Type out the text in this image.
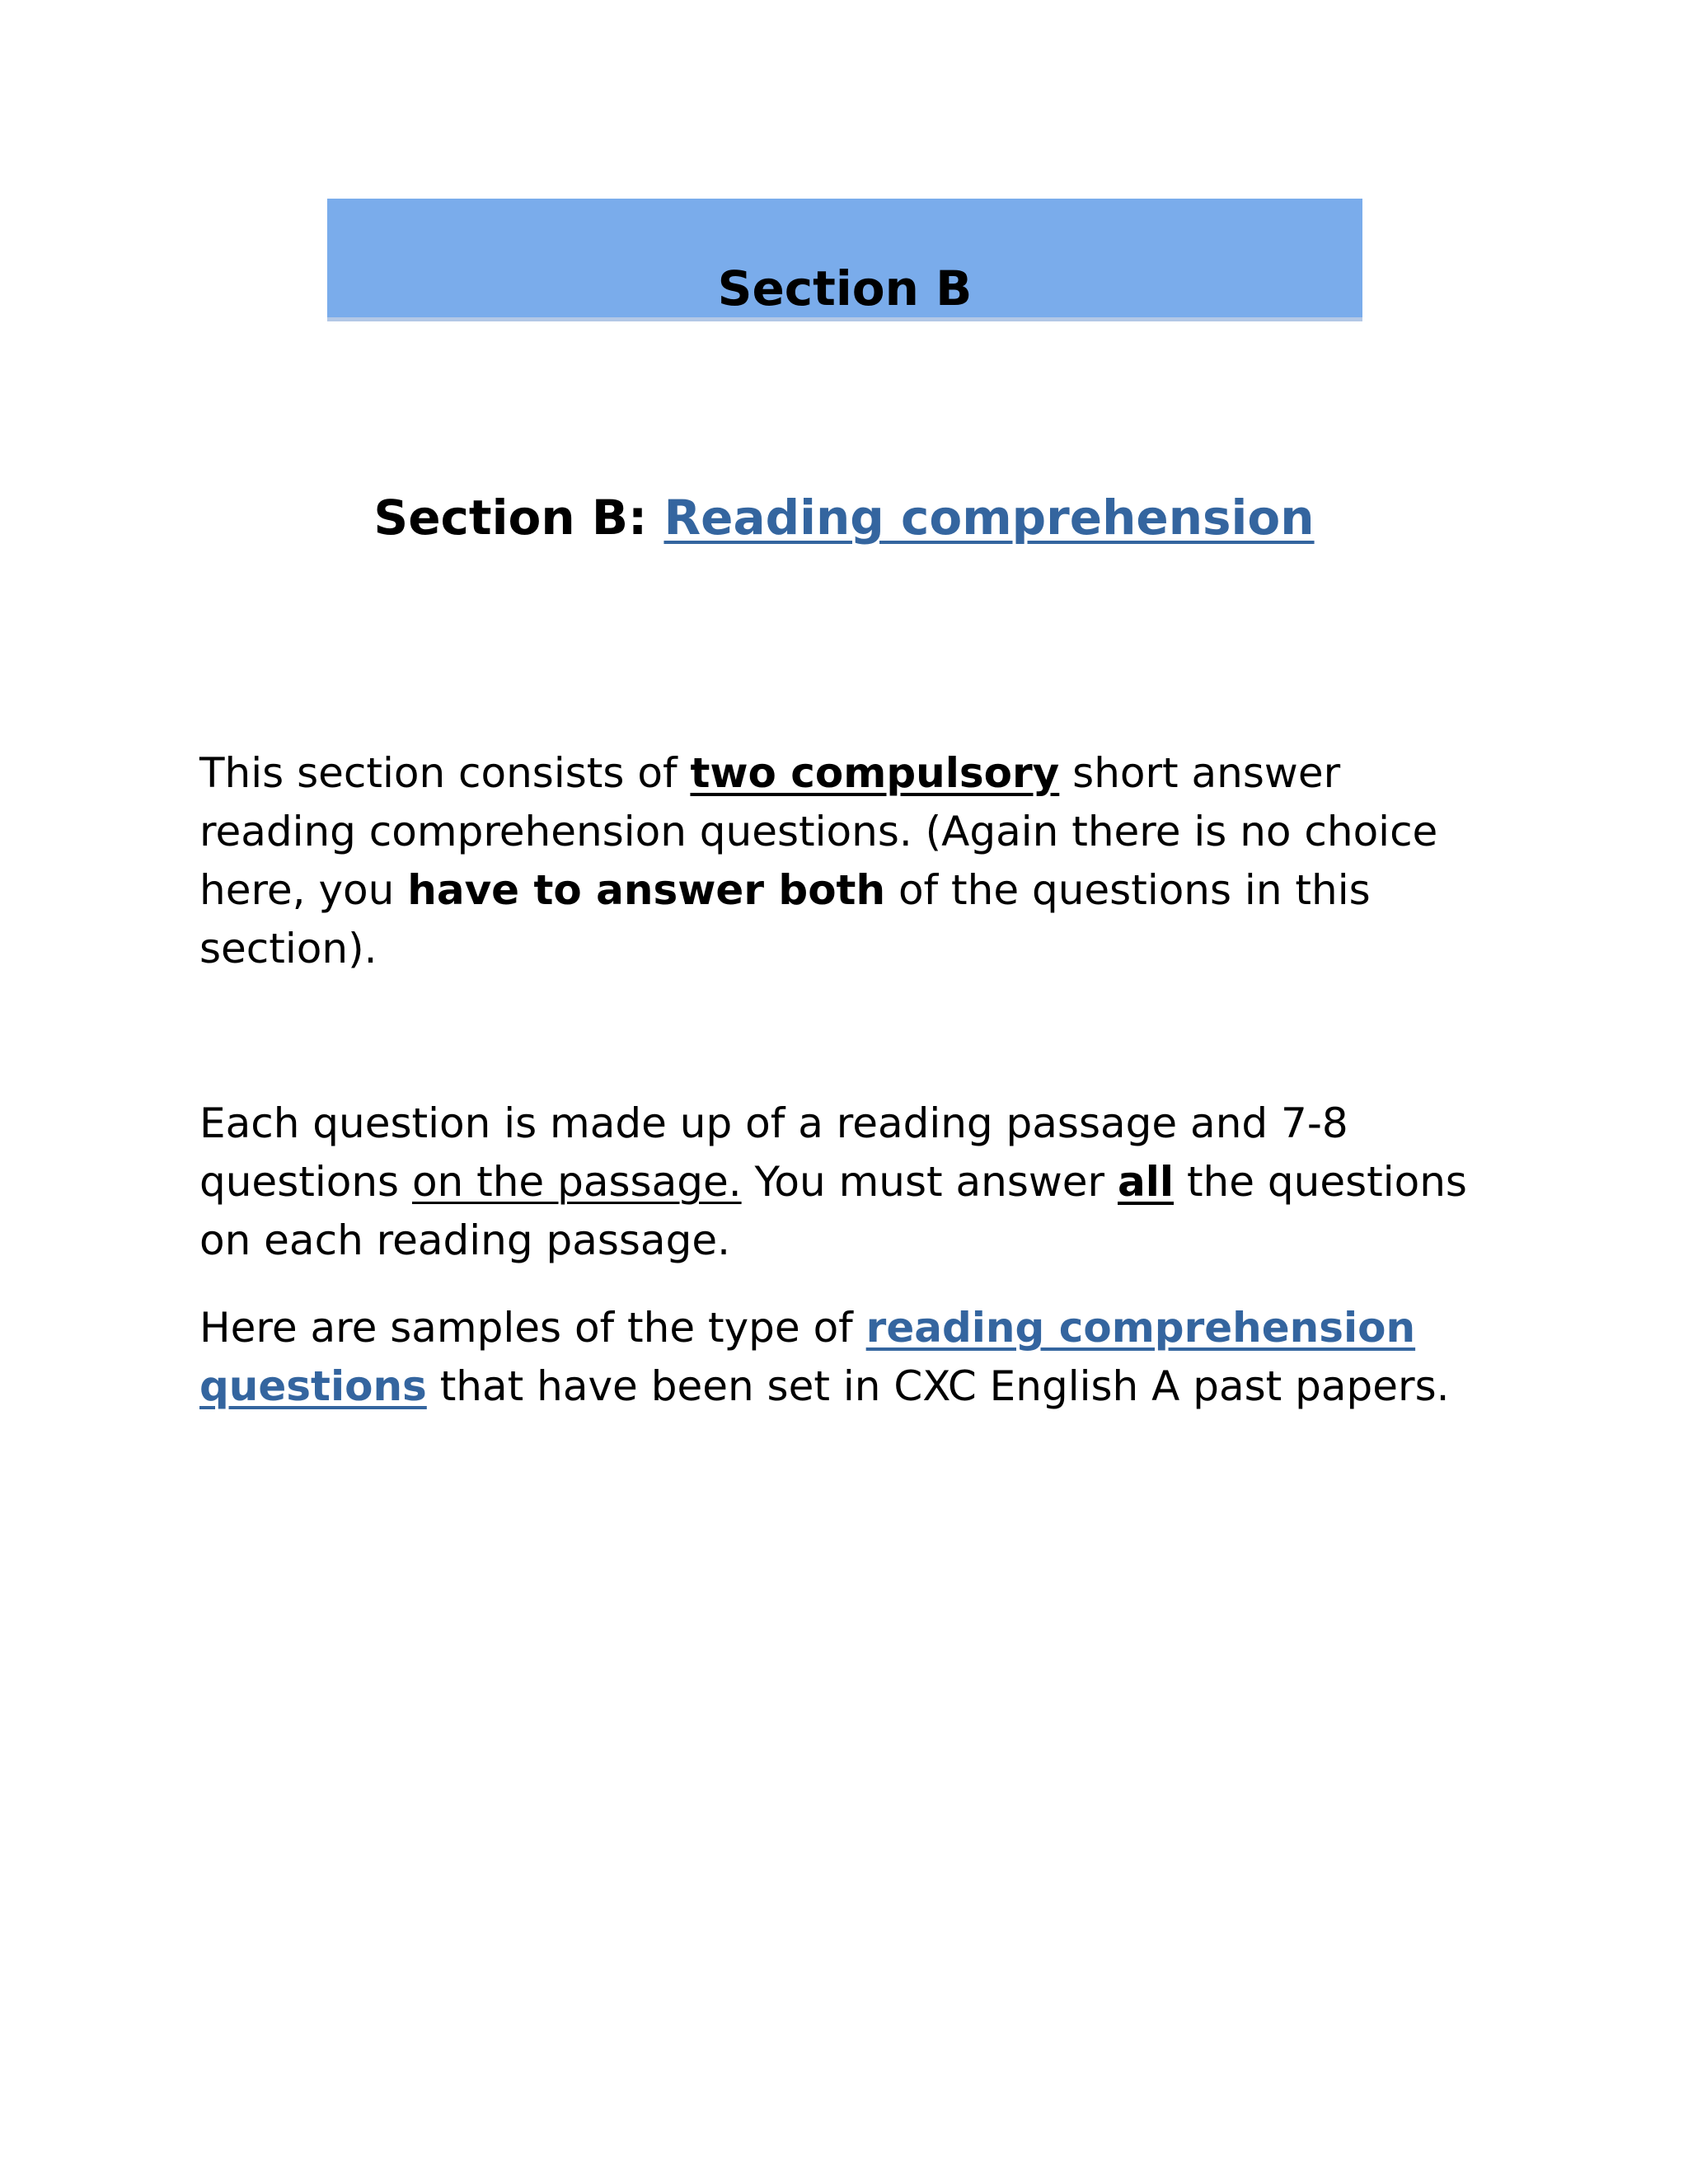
Section B
Section B: Reading comprehension

This section consists of two compulsory short answer reading comprehension questions. (Again there is no choice here, you have to answer both of the questions in this section).

Each question is made up of a reading passage and 7-8 questions on the passage. You must answer all the questions on each reading passage.

Here are samples of the type of reading comprehension questions that have been set in CXC English A past papers.
